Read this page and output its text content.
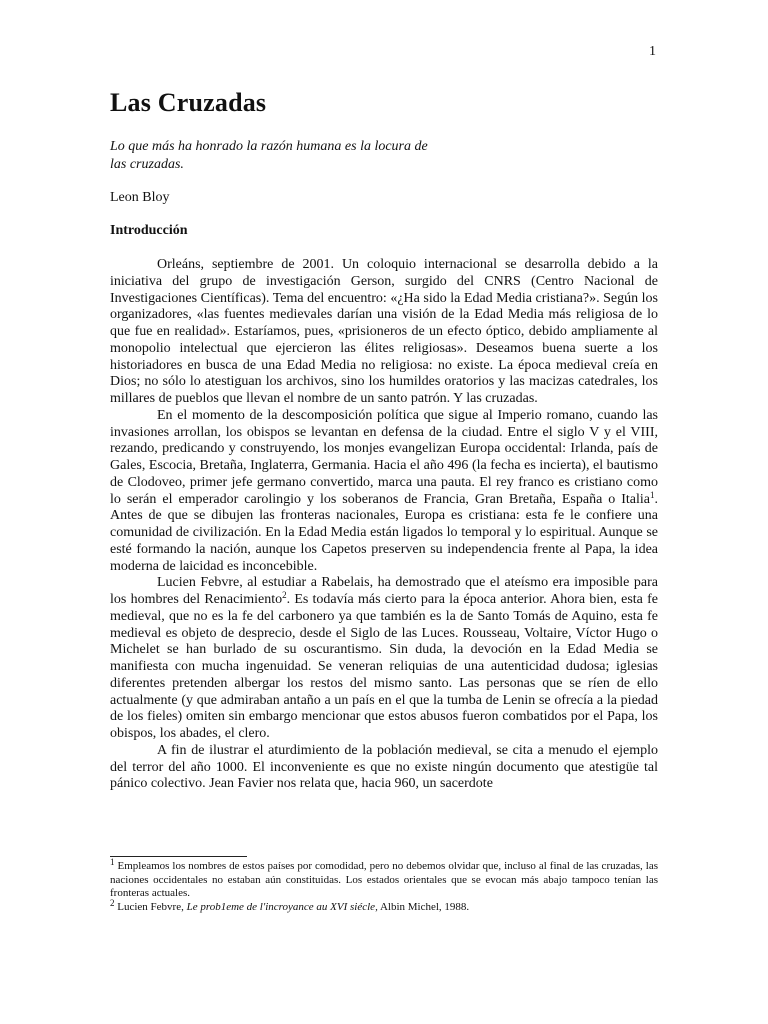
1
Las Cruzadas

Lo que más ha honrado la razón humana es la locura de las cruzadas.

Leon Bloy

Introducción

Orleáns, septiembre de 2001. Un coloquio internacional se desarrolla debido a la iniciativa del grupo de investigación Gerson, surgido del CNRS (Centro Nacional de Investigaciones Científicas). Tema del encuentro: «¿Ha sido la Edad Media cristiana?». Según los organizadores, «las fuentes medievales darían una visión de la Edad Media más religiosa de lo que fue en realidad». Estaríamos, pues, «prisioneros de un efecto óptico, debido ampliamente al monopolio intelectual que ejercieron las élites religiosas». Deseamos buena suerte a los historiadores en busca de una Edad Media no religiosa: no existe. La época medieval creía en Dios; no sólo lo atestiguan los archivos, sino los humildes oratorios y las macizas catedrales, los millares de pueblos que llevan el nombre de un santo patrón. Y las cruzadas.

En el momento de la descomposición política que sigue al Imperio romano, cuando las invasiones arrollan, los obispos se levantan en defensa de la ciudad. Entre el siglo V y el VIII, rezando, predicando y construyendo, los monjes evangelizan Europa occidental: Irlanda, país de Gales, Escocia, Bretaña, Inglaterra, Germania. Hacia el año 496 (la fecha es incierta), el bautismo de Clodoveo, primer jefe germano convertido, marca una pauta. El rey franco es cristiano como lo serán el emperador carolingio y los soberanos de Francia, Gran Bretaña, España o Italia$^1$. Antes de que se dibujen las fronteras nacionales, Europa es cristiana: esta fe le confiere una comunidad de civilización. En la Edad Media están ligados lo temporal y lo espiritual. Aunque se esté formando la nación, aunque los Capetos preserven su independencia frente al Papa, la idea moderna de laicidad es inconcebible.

Lucien Febvre, al estudiar a Rabelais, ha demostrado que el ateísmo era imposible para los hombres del Renacimiento$^2$. Es todavía más cierto para la época anterior. Ahora bien, esta fe medieval, que no es la fe del carbonero ya que también es la de Santo Tomás de Aquino, esta fe medieval es objeto de desprecio, desde el Siglo de las Luces. Rousseau, Voltaire, Víctor Hugo o Michelet se han burlado de su oscurantismo. Sin duda, la devoción en la Edad Media se manifiesta con mucha ingenuidad. Se veneran reliquias de una autenticidad dudosa; iglesias diferentes pretenden albergar los restos del mismo santo. Las personas que se ríen de ello actualmente (y que admiraban antaño a un país en el que la tumba de Lenin se ofrecía a la piedad de los fieles) omiten sin embargo mencionar que estos abusos fueron combatidos por el Papa, los obispos, los abades, el clero.

A fin de ilustrar el aturdimiento de la población medieval, se cita a menudo el ejemplo del terror del año 1000. El inconveniente es que no existe ningún documento que atestigüe tal pánico colectivo. Jean Favier nos relata que, hacia 960, un sacerdote

$^1$ Empleamos los nombres de estos países por comodidad, pero no debemos olvidar que, incluso al final de las cruzadas, las naciones occidentales no estaban aún constituidas. Los estados orientales que se evocan más abajo tampoco tenían las fronteras actuales.

$^2$ Lucien Febvre, Le prob1eme de l'incroyance au XVI siécle, Albin Michel, 1988.
